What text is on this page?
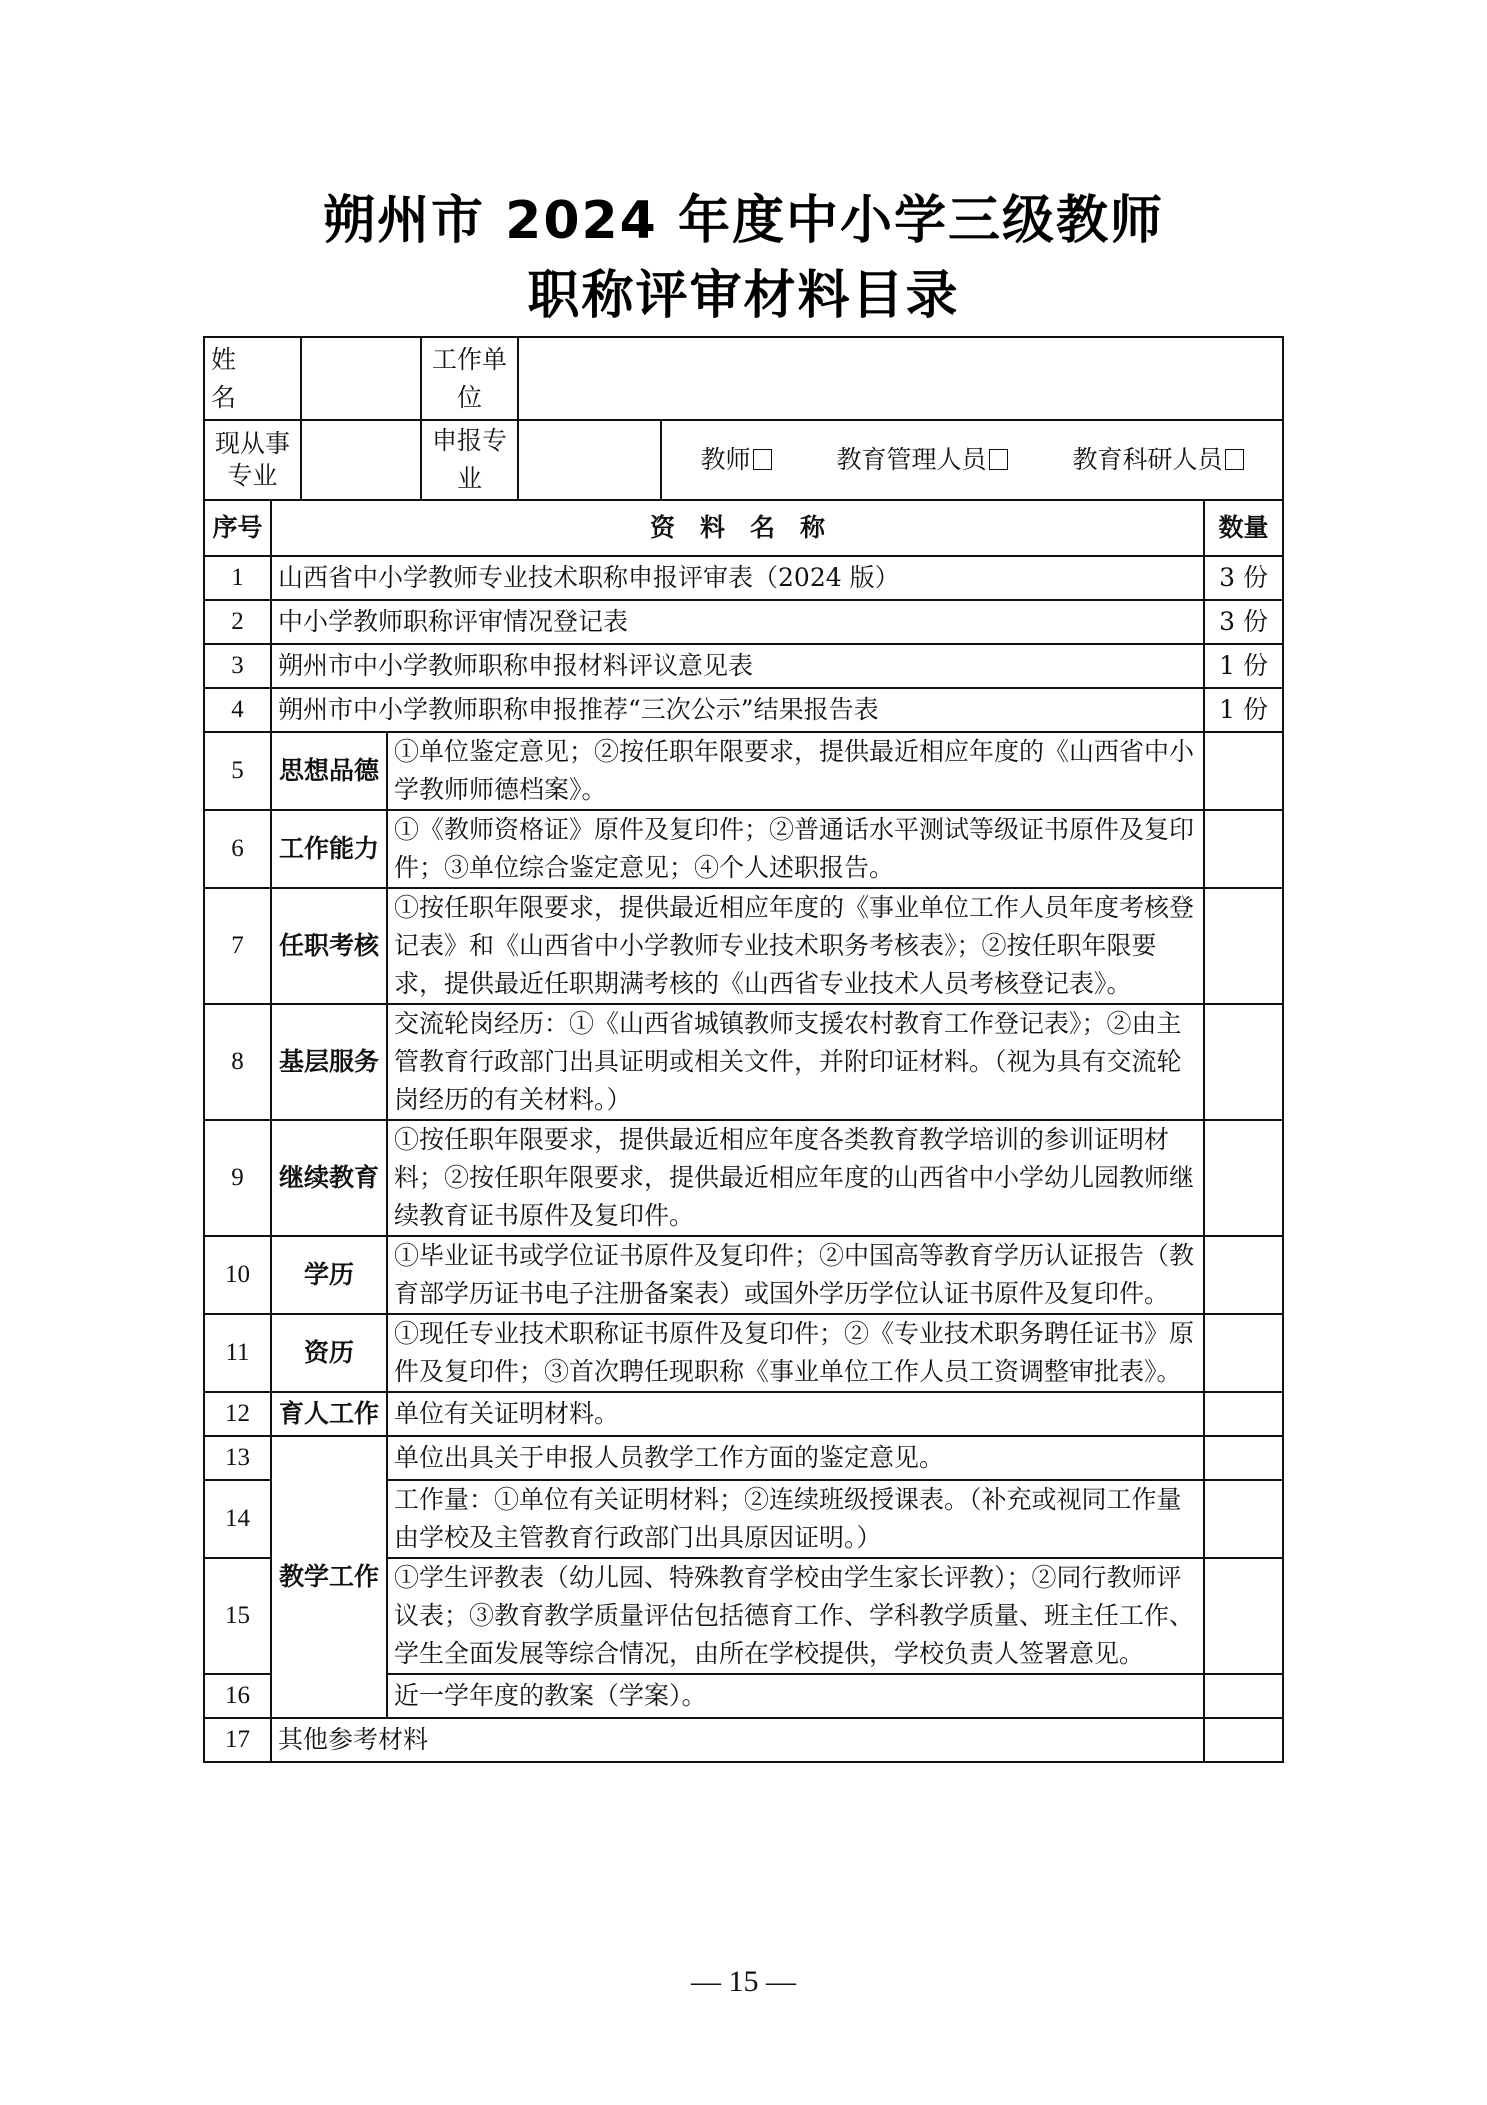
朔州市 2024 年度中小学三级教师
职称评审材料目录
姓　名				工作单位			
现从事专业				申报专业		教师 教育管理人员 教育科研人员	

序号	资　料　名　称						数量
1	山西省中小学教师专业技术职称申报评审表（2024 版）						3 份
2	中小学教师职称评审情况登记表						3 份
3	朔州市中小学教师职称申报材料评议意见表						1 份
4	朔州市中小学教师职称申报推荐“三次公示”结果报告表						1 份
5	思想品德		①单位鉴定意见；②按任职年限要求，提供最近相应年度的《山西省中小学教师师德档案》。				
6	工作能力		①《教师资格证》原件及复印件；②普通话水平测试等级证书原件及复印件；③单位综合鉴定意见；④个人述职报告。				
7	任职考核		①按任职年限要求，提供最近相应年度的《事业单位工作人员年度考核登记表》和《山西省中小学教师专业技术职务考核表》；②按任职年限要求，提供最近任职期满考核的《山西省专业技术人员考核登记表》。				
8	基层服务		交流轮岗经历：①《山西省城镇教师支援农村教育工作登记表》；②由主管教育行政部门出具证明或相关文件，并附印证材料。（视为具有交流轮岗经历的有关材料。）				
9	继续教育		①按任职年限要求，提供最近相应年度各类教育教学培训的参训证明材料；②按任职年限要求，提供最近相应年度的山西省中小学幼儿园教师继续教育证书原件及复印件。				
10	学历		①毕业证书或学位证书原件及复印件；②中国高等教育学历认证报告（教育部学历证书电子注册备案表）或国外学历学位认证书原件及复印件。				
11	资历		①现任专业技术职称证书原件及复印件；②《专业技术职务聘任证书》原件及复印件；③首次聘任现职称《事业单位工作人员工资调整审批表》。				
12	育人工作		单位有关证明材料。				
13	教学工作		单位出具关于申报人员教学工作方面的鉴定意见。				
14			工作量：①单位有关证明材料；②连续班级授课表。（补充或视同工作量由学校及主管教育行政部门出具原因证明。）				
15			①学生评教表（幼儿园、特殊教育学校由学生家长评教）；②同行教师评议表；③教育教学质量评估包括德育工作、学科教学质量、班主任工作、学生全面发展等综合情况，由所在学校提供，学校负责人签署意见。				
16			近一学年度的教案（学案）。				
17	其他参考材料						
— 15 —
